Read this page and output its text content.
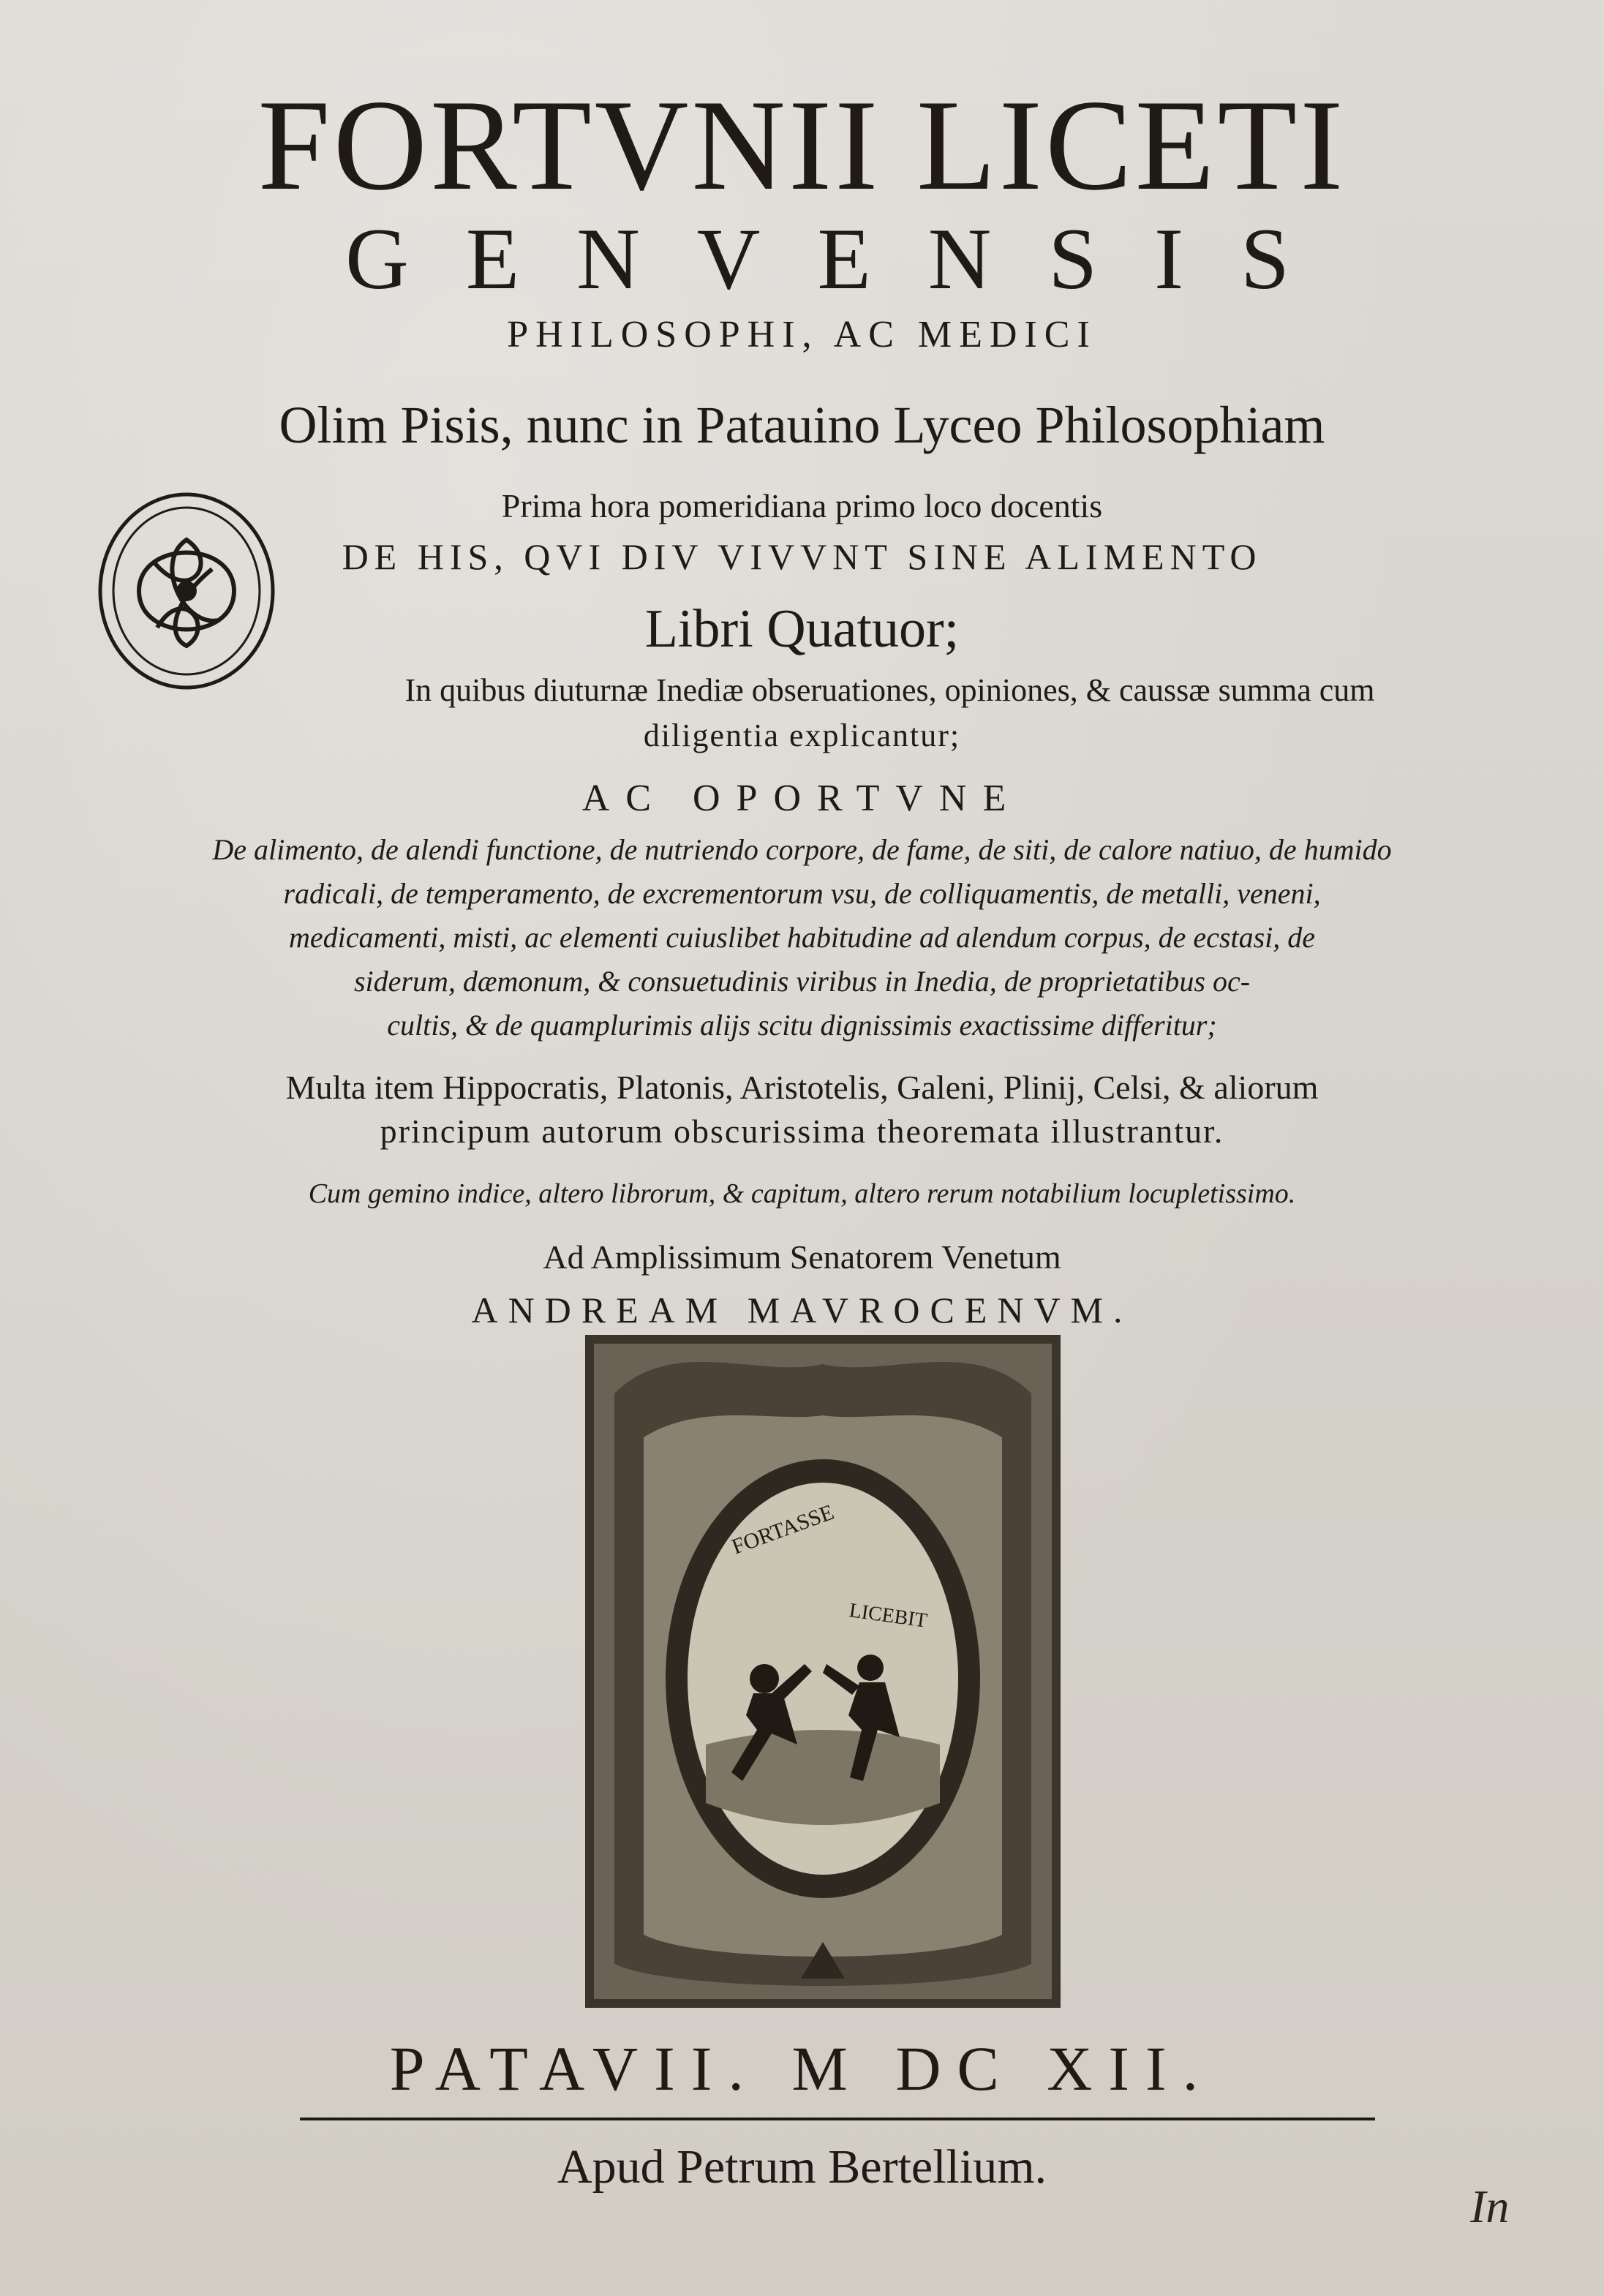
FORTVNII LICETI
GENVENSIS
PHILOSOPHI, AC MEDICI
Olim Pisis, nunc in Patauino Lyceo Philosophiam
Prima hora pomeridiana primo loco docentis
DE HIS, QVI DIV VIVVNT SINE ALIMENTO
Libri Quatuor;
In quibus diuturnæ Inediæ obseruationes, opiniones, & caussæ summa cum
diligentia explicantur;
AC OPORTVNE
De alimento, de alendi functione, de nutriendo corpore, de fame, de siti, de calore natiuo, de humido
radicali, de temperamento, de excrementorum vsu, de colliquamentis, de metalli, veneni,
medicamenti, misti, ac elementi cuiuslibet habitudine ad alendum corpus, de ecstasi, de
siderum, dæmonum, & consuetudinis viribus in Inedia, de proprietatibus oc-
cultis, & de quamplurimis alijs scitu dignissimis exactissime differitur;
Multa item Hippocratis, Platonis, Aristotelis, Galeni, Plinij, Celsi, & aliorum
principum autorum obscurissima theoremata illustrantur.
Cum gemino indice, altero librorum, & capitum, altero rerum notabilium locupletissimo.
Ad Amplissimum Senatorem Venetum
ANDREAM MAVROCENVM.
FORTASSE
LICEBIT
PATAVII. M DC XII.
Apud Petrum Bertellium.
In
